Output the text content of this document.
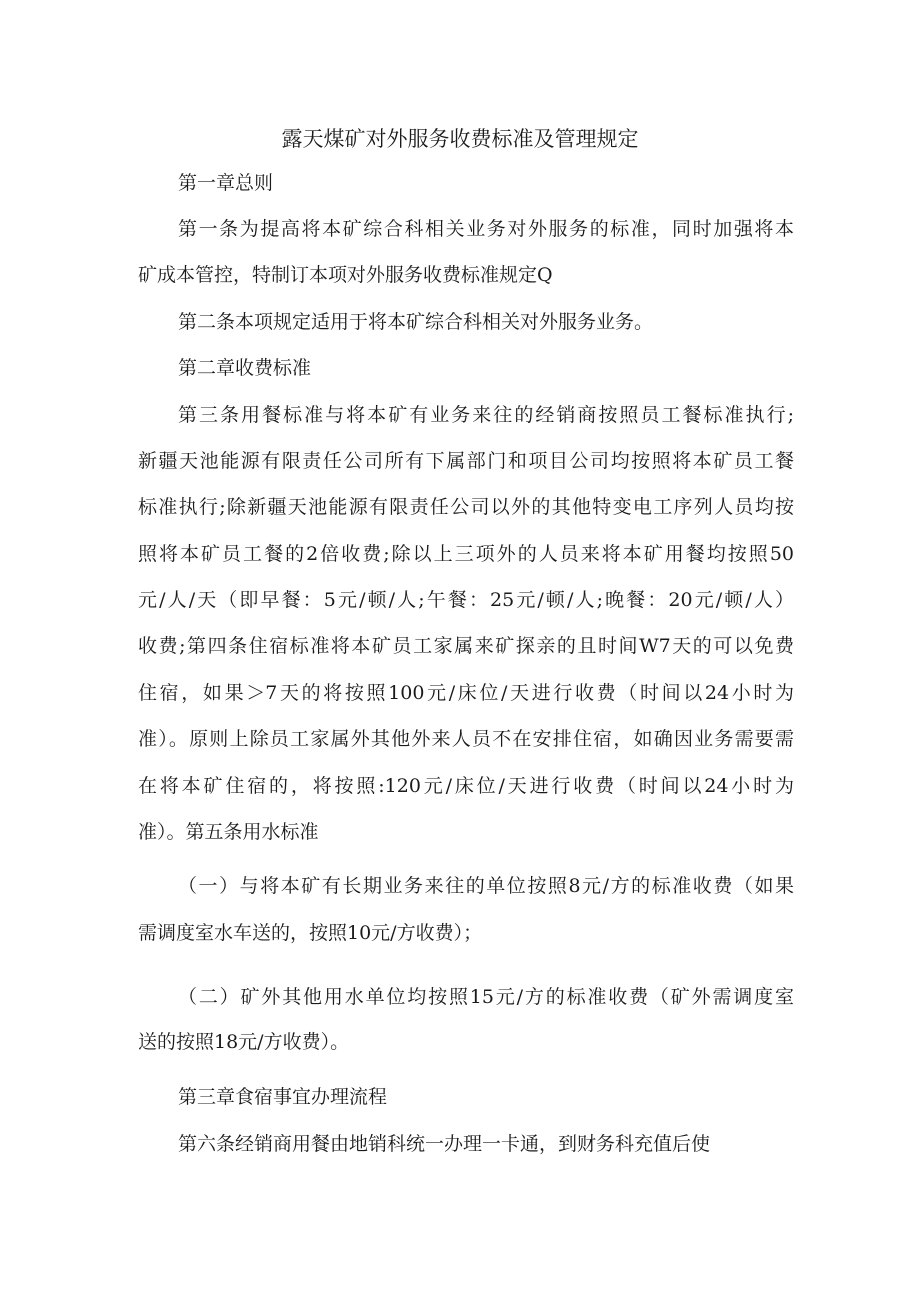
露天煤矿对外服务收费标准及管理规定
第一章总则
第一条为提高将本矿综合科相关业务对外服务的标准，同时加强将本
矿成本管控，特制订本项对外服务收费标准规定Q
第二条本项规定适用于将本矿综合科相关对外服务业务。
第二章收费标准
第三条用餐标准与将本矿有业务来往的经销商按照员工餐标准执行;
新疆天池能源有限责任公司所有下属部门和项目公司均按照将本矿员工餐
标准执行;除新疆天池能源有限责任公司以外的其他特变电工序列人员均按
照将本矿员工餐的2倍收费;除以上三项外的人员来将本矿用餐均按照50
元/人/天（即早餐：5元/顿/人;午餐：25元/顿/人;晚餐：20元/顿/人）
收费;第四条住宿标准将本矿员工家属来矿探亲的且时间W7天的可以免费
住宿，如果＞7天的将按照100元/床位/天进行收费（时间以24小时为
准）。原则上除员工家属外其他外来人员不在安排住宿，如确因业务需要需
在将本矿住宿的，将按照:120元/床位/天进行收费（时间以24小时为
准）。第五条用水标准
（一）与将本矿有长期业务来往的单位按照8元/方的标准收费（如果
需调度室水车送的，按照10元/方收费）；
（二）矿外其他用水单位均按照15元/方的标准收费（矿外需调度室
送的按照18元/方收费）。
第三章食宿事宜办理流程
第六条经销商用餐由地销科统一办理一卡通，到财务科充值后使
